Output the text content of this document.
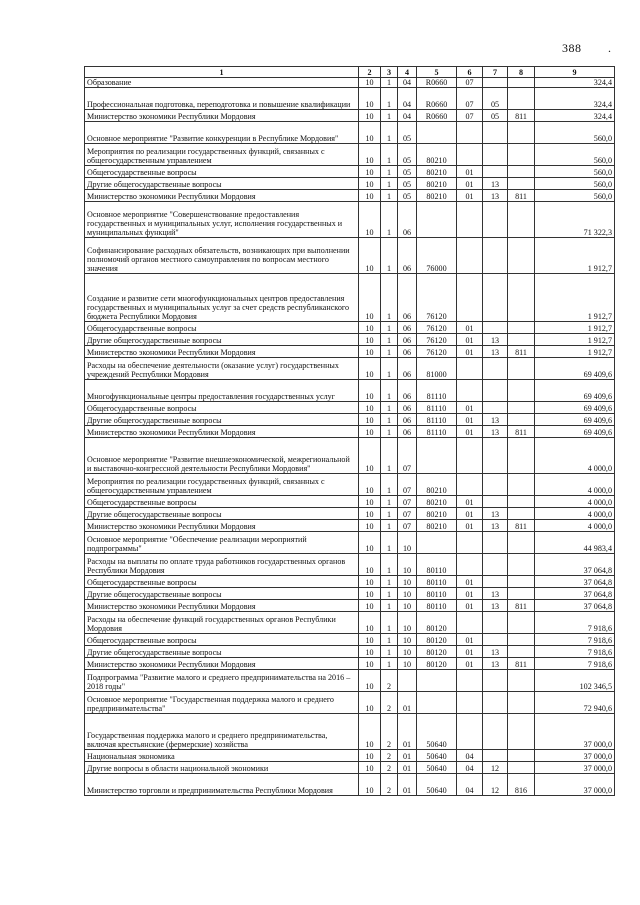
388 .
1	2	3	4	5	6	7	8	9
Образование	10	1	04	R0660	07			324,4
Профессиональная подготовка, переподготовка и повышение квалификации	10	1	04	R0660	07	05		324,4
Министерство экономики Республики Мордовия	10	1	04	R0660	07	05	811	324,4
Основное мероприятие "Развитие конкуренции в Республике Мордовия"	10	1	05					560,0
Мероприятия по реализации государственных функций, связанных с общегосударственным управлением	10	1	05	80210				560,0
Общегосударственные вопросы	10	1	05	80210	01			560,0
Другие общегосударственные вопросы	10	1	05	80210	01	13		560,0
Министерство экономики Республики Мордовия	10	1	05	80210	01	13	811	560,0
Основное мероприятие "Совершенствование предоставления государственных и муниципальных услуг, исполнения государственных и муниципальных функций"	10	1	06					71 322,3
Софинансирование расходных обязательств, возникающих при выполнении полномочий органов местного самоуправления по вопросам местного значения	10	1	06	76000				1 912,7
Создание и развитие сети многофункциональных центров предоставления государственных и муниципальных услуг за счет средств республиканского бюджета Республики Мордовия	10	1	06	76120				1 912,7
Общегосударственные вопросы	10	1	06	76120	01			1 912,7
Другие общегосударственные вопросы	10	1	06	76120	01	13		1 912,7
Министерство экономики Республики Мордовия	10	1	06	76120	01	13	811	1 912,7
Расходы на обеспечение деятельности (оказание услуг) государственных учреждений Республики Мордовия	10	1	06	81000				69 409,6
Многофункциональные центры предоставления государственных услуг	10	1	06	81110				69 409,6
Общегосударственные вопросы	10	1	06	81110	01			69 409,6
Другие общегосударственные вопросы	10	1	06	81110	01	13		69 409,6
Министерство экономики Республики Мордовия	10	1	06	81110	01	13	811	69 409,6
Основное мероприятие "Развитие внешнеэкономической, межрегиональной и выставочно-конгрессной деятельности Республики Мордовия"	10	1	07					4 000,0
Мероприятия по реализации государственных функций, связанных с общегосударственным управлением	10	1	07	80210				4 000,0
Общегосударственные вопросы	10	1	07	80210	01			4 000,0
Другие общегосударственные вопросы	10	1	07	80210	01	13		4 000,0
Министерство экономики Республики Мордовия	10	1	07	80210	01	13	811	4 000,0
Основное мероприятие "Обеспечение реализации мероприятий подпрограммы"	10	1	10					44 983,4
Расходы на выплаты по оплате труда работников государственных органов Республики Мордовия	10	1	10	80110				37 064,8
Общегосударственные вопросы	10	1	10	80110	01			37 064,8
Другие общегосударственные вопросы	10	1	10	80110	01	13		37 064,8
Министерство экономики Республики Мордовия	10	1	10	80110	01	13	811	37 064,8
Расходы на обеспечение функций государственных органов Республики Мордовия	10	1	10	80120				7 918,6
Общегосударственные вопросы	10	1	10	80120	01			7 918,6
Другие общегосударственные вопросы	10	1	10	80120	01	13		7 918,6
Министерство экономики Республики Мордовия	10	1	10	80120	01	13	811	7 918,6
Подпрограмма "Развитие малого и среднего предпринимательства на 2016 – 2018 годы"	10	2						102 346,5
Основное мероприятие "Государственная поддержка малого и среднего предпринимательства"	10	2	01					72 940,6
Государственная поддержка малого и среднего предпринимательства, включая крестьянские (фермерские) хозяйства	10	2	01	50640				37 000,0
Национальная экономика	10	2	01	50640	04			37 000,0
Другие вопросы в области национальной экономики	10	2	01	50640	04	12		37 000,0
Министерство торговли и предпринимательства Республики Мордовия	10	2	01	50640	04	12	816	37 000,0
